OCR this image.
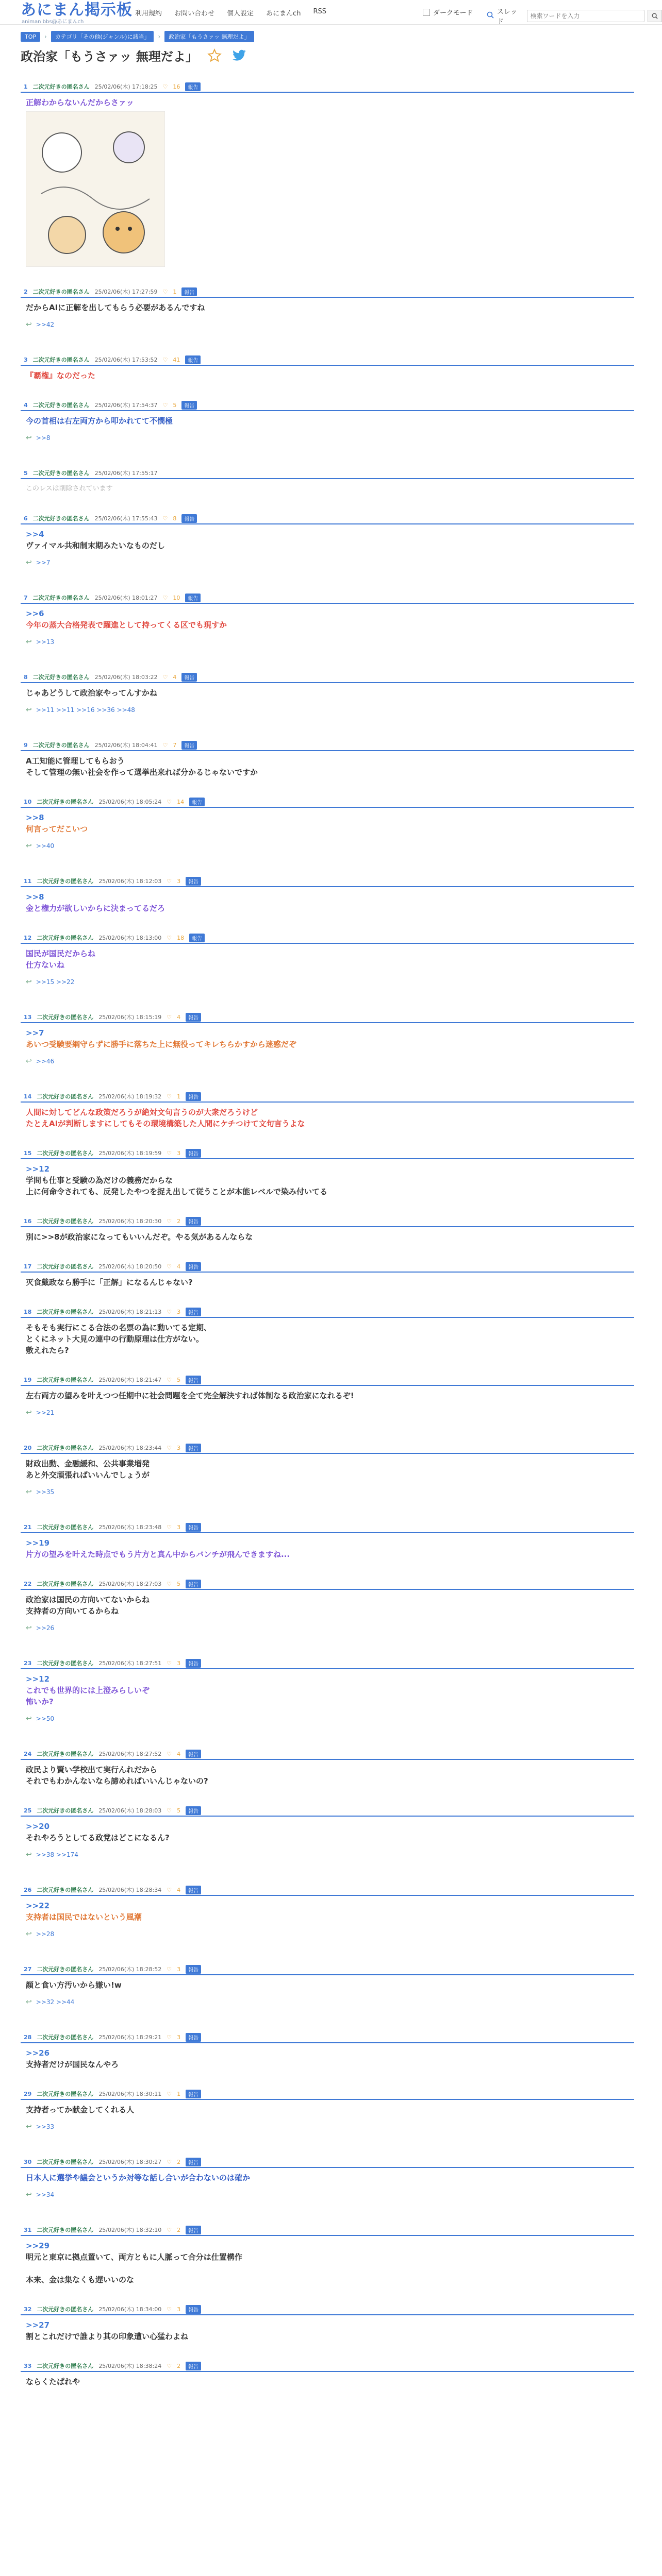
あにまん掲示板
animan bbs@あにまんch
利用規約 お問い合わせ 個人設定 あにまんch RSS	ダークモード	スレッド
検索ワードを入力
TOP	›	カテゴリ「その他(ジャンル)に該当」	›	政治家「もうさァッ 無理だよ」
政治家「もうさァッ 無理だよ」
1 二次元好きの匿名さん 25/02/06(木) 17:18:25 ♡ 16	報告
正解わからないんだからさァッ
2 二次元好きの匿名さん 25/02/06(木) 17:27:59 ♡ 1	報告
だからAIに正解を出してもらう必要があるんですね
↩ >>42
3 二次元好きの匿名さん 25/02/06(木) 17:53:52 ♡ 41	報告
『覇権』なのだった
4 二次元好きの匿名さん 25/02/06(木) 17:54:37 ♡ 5	報告
今の首相は右左両方から叩かれてて不憫極
↩ >>8
5 二次元好きの匿名さん 25/02/06(木) 17:55:17
このレスは削除されています
6 二次元好きの匿名さん 25/02/06(木) 17:55:43 ♡ 8	報告
>>4
ヴァイマル共和制末期みたいなものだし
↩ >>7
7 二次元好きの匿名さん 25/02/06(木) 18:01:27 ♡ 10	報告
>>6
今年の蒸大合格発表で躍進として持ってくる区でも現すか
↩ >>13
8 二次元好きの匿名さん 25/02/06(木) 18:03:22 ♡ 4	報告
じゃあどうして政治家やってんすかね
↩ >>11 >>11 >>16 >>36 >>48
9 二次元好きの匿名さん 25/02/06(木) 18:04:41 ♡ 7	報告
A工知能に管理してもらおう
そして管理の無い社会を作って選挙出来れば分かるじゃないですか
10 二次元好きの匿名さん 25/02/06(木) 18:05:24 ♡ 14	報告
>>8
何言ってだこいつ
↩ >>40
11 二次元好きの匿名さん 25/02/06(木) 18:12:03 ♡ 3	報告
>>8
金と権力が欲しいからに決まってるだろ
12 二次元好きの匿名さん 25/02/06(木) 18:13:00 ♡ 18	報告
国民が国民だからね
仕方ないね
↩ >>15 >>22
13 二次元好きの匿名さん 25/02/06(木) 18:15:19 ♡ 4	報告
>>7
あいつ受験要綱守らずに勝手に落ちた上に無役ってキレちらかすから迷惑だぞ
↩ >>46
14 二次元好きの匿名さん 25/02/06(木) 18:19:32 ♡ 1	報告
人間に対してどんな政策だろうが絶対文句言うのが大衆だろうけど
たとえAIが判断しますにしてもその環境構築した人間にケチつけて文句言うよな
15 二次元好きの匿名さん 25/02/06(木) 18:19:59 ♡ 3	報告
>>12
学問も仕事と受験の為だけの義務だからな
上に何命令されても、反発したやつを捉え出して従うことが本能レベルで染み付いてる
16 二次元好きの匿名さん 25/02/06(木) 18:20:30 ♡ 2	報告
別に>>8が政治家になってもいいんだぞ。やる気があるんならな
17 二次元好きの匿名さん 25/02/06(木) 18:20:50 ♡ 4	報告
灭食戴政なら勝手に「正解」になるんじゃない?
18 二次元好きの匿名さん 25/02/06(木) 18:21:13 ♡ 3	報告
そもそも実行にこる合法の名票の為に動いてる定期、
とくにネット大見の連中の行動原理は仕方がない。
敷えれたら?
19 二次元好きの匿名さん 25/02/06(木) 18:21:47 ♡ 5	報告
左右両方の望みを叶えつつ任期中に社会問題を全て完全解決すれば体制なる政治家になれるぞ!
↩ >>21
20 二次元好きの匿名さん 25/02/06(木) 18:23:44 ♡ 3	報告
財政出動、金融緩和、公共事業増発
あと外交頑張ればいいんでしょうが
↩ >>35
21 二次元好きの匿名さん 25/02/06(木) 18:23:48 ♡ 3	報告
>>19
片方の望みを叶えた時点でもう片方と真ん中からバンチが飛んできますね...
22 二次元好きの匿名さん 25/02/06(木) 18:27:03 ♡ 5	報告
政治家は国民の方向いてないからね
支持者の方向いてるからね
↩ >>26
23 二次元好きの匿名さん 25/02/06(木) 18:27:51 ♡ 3	報告
>>12
これでも世界的には上澄みらしいぞ
怖いか?
↩ >>50
24 二次元好きの匿名さん 25/02/06(木) 18:27:52 ♡ 4	報告
政民より賢い学校出て実行んれだから
それでもわかんないなら諦めればいいんじゃないの?
25 二次元好きの匿名さん 25/02/06(木) 18:28:03 ♡ 5	報告
>>20
それやろうとしてる政党はどこになるん?
↩ >>38 >>174
26 二次元好きの匿名さん 25/02/06(木) 18:28:34 ♡ 4	報告
>>22
支持者は国民ではないという風潮
↩ >>28
27 二次元好きの匿名さん 25/02/06(木) 18:28:52 ♡ 3	報告
顔と食い方汚いから嫌い!w
↩ >>32 >>44
28 二次元好きの匿名さん 25/02/06(木) 18:29:21 ♡ 3	報告
>>26
支持者だけが国民なんやろ
29 二次元好きの匿名さん 25/02/06(木) 18:30:11 ♡ 1	報告
支持者ってか献金してくれる人
↩ >>33
30 二次元好きの匿名さん 25/02/06(木) 18:30:27 ♡ 2	報告
日本人に選挙や議会というか対等な話し合いが合わないのは確か
↩ >>34
31 二次元好きの匿名さん 25/02/06(木) 18:32:10 ♡ 2	報告
>>29
明元と東京に拠点置いて、両方ともに人脈って合分は仕置構作

本来、金は集なくも遅いいのな
32 二次元好きの匿名さん 25/02/06(木) 18:34:00 ♡ 3	報告
>>27
割とこれだけで誰より其の印象遭い心猛わよね
33 二次元好きの匿名さん 25/02/06(木) 18:38:24 ♡ 2	報告
ならくたぱれや
